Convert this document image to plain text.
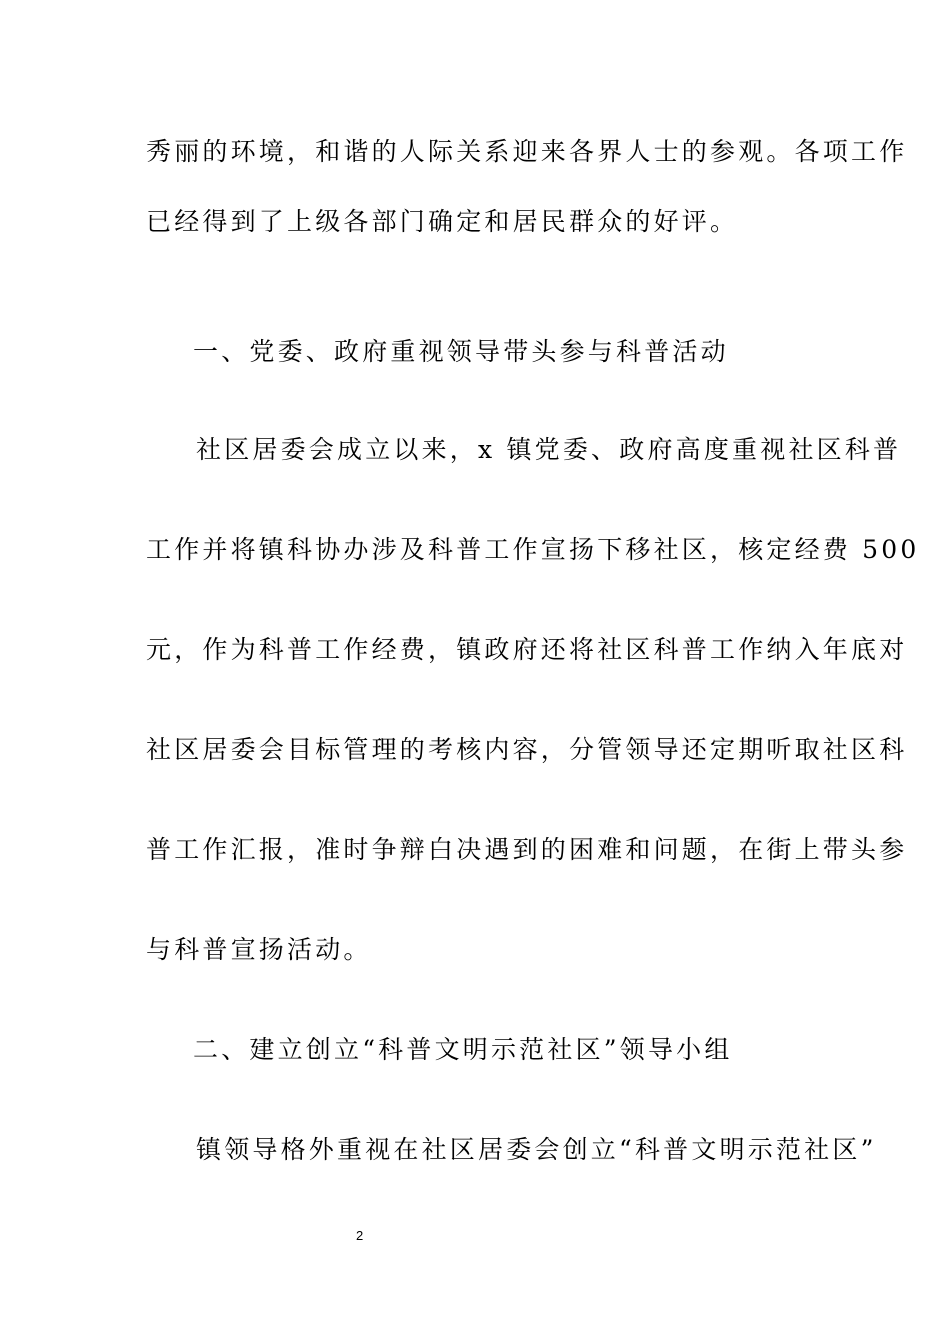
秀丽的环境，和谐的人际关系迎来各界人士的参观。各项工作
已经得到了上级各部门确定和居民群众的好评。
一、党委、政府重视领导带头参与科普活动
社区居委会成立以来，x 镇党委、政府高度重视社区科普
工作并将镇科协办涉及科普工作宣扬下移社区，核定经费 500
元，作为科普工作经费，镇政府还将社区科普工作纳入年底对
社区居委会目标管理的考核内容，分管领导还定期听取社区科
普工作汇报，准时争辩白决遇到的困难和问题，在街上带头参
与科普宣扬活动。
二、建立创立“科普文明示范社区”领导小组
镇领导格外重视在社区居委会创立“科普文明示范社区”
2
